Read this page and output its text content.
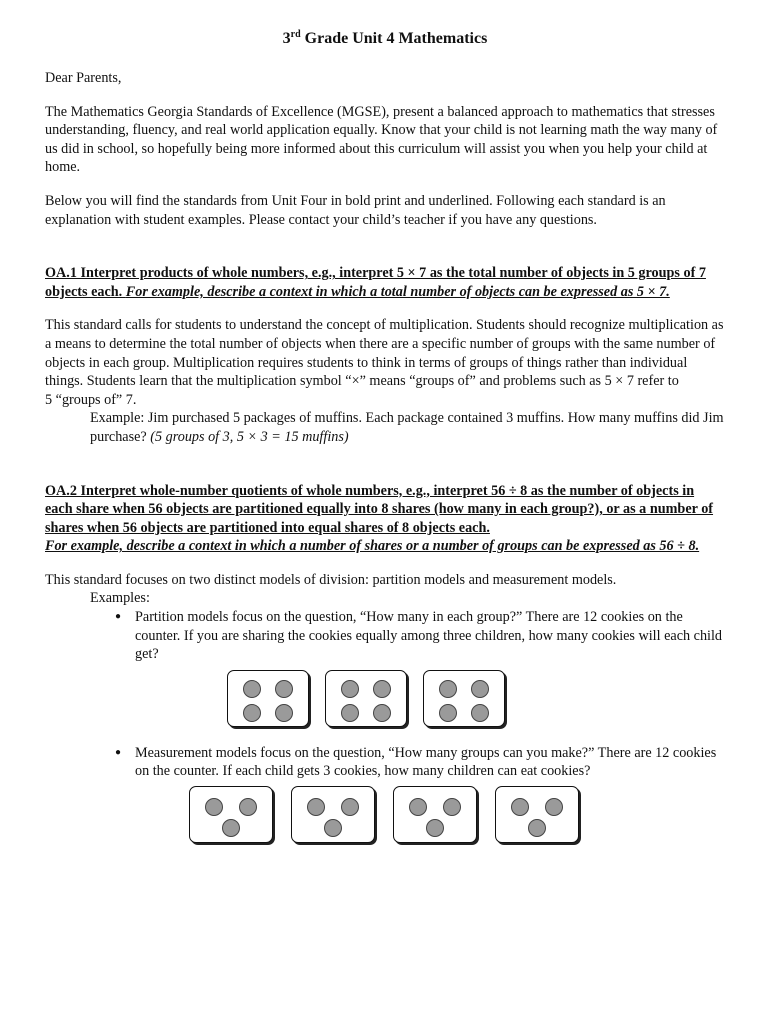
3rd Grade Unit 4 Mathematics

Dear Parents,

The Mathematics Georgia Standards of Excellence (MGSE), present a balanced approach to mathematics that stresses understanding, fluency, and real world application equally. Know that your child is not learning math the way many of us did in school, so hopefully being more informed about this curriculum will assist you when you help your child at home.

Below you will find the standards from Unit Four in bold print and underlined. Following each standard is an explanation with student examples. Please contact your child’s teacher if you have any questions.

OA.1 Interpret products of whole numbers, e.g., interpret 5 × 7 as the total number of objects in 5 groups of 7 objects each. For example, describe a context in which a total number of objects can be expressed as 5 × 7.

This standard calls for students to understand the concept of multiplication. Students should recognize multiplication as a means to determine the total number of objects when there are a specific number of groups with the same number of objects in each group. Multiplication requires students to think in terms of groups of things rather than individual things. Students learn that the multiplication symbol “×” means “groups of” and problems such as 5 × 7 refer to

5 “groups of” 7.

Example: Jim purchased 5 packages of muffins. Each package contained 3 muffins. How many muffins did Jim purchase? (5 groups of 3, 5 × 3 = 15 muffins)

OA.2 Interpret whole-number quotients of whole numbers, e.g., interpret 56 ÷ 8 as the number of objects in each share when 56 objects are partitioned equally into 8 shares (how many in each group?), or as a number of shares when 56 objects are partitioned into equal shares of 8 objects each.

For example, describe a context in which a number of shares or a number of groups can be expressed as 56 ÷ 8.

This standard focuses on two distinct models of division: partition models and measurement models.

Examples:

● Partition models focus on the question, “How many in each group?” There are 12 cookies on the counter. If you are sharing the cookies equally among three children, how many cookies will each child get?

● Measurement models focus on the question, “How many groups can you make?” There are 12 cookies on the counter. If each child gets 3 cookies, how many children can eat cookies?
